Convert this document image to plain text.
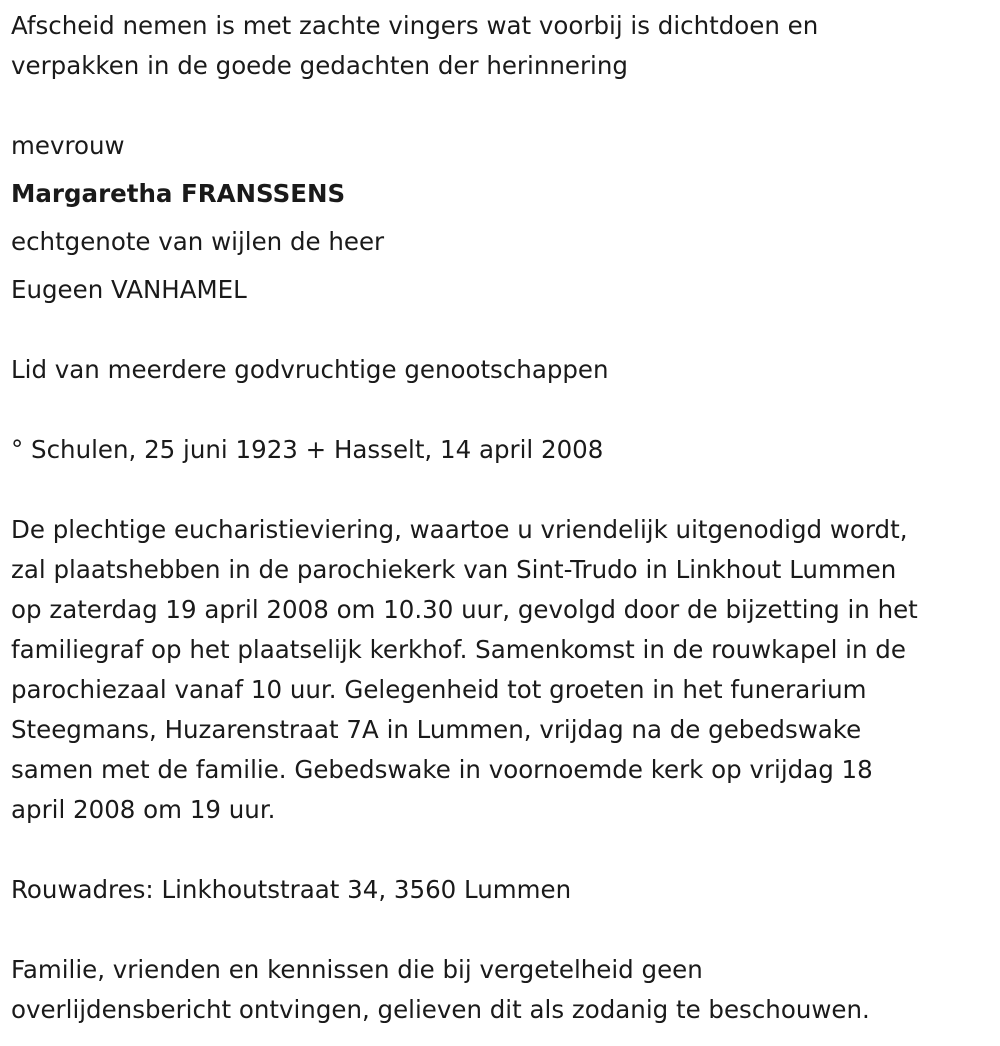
Afscheid nemen is met zachte vingers wat voorbij is dichtdoen en

verpakken in de goede gedachten der herinnering

mevrouw

Margaretha FRANSSENS

echtgenote van wijlen de heer

Eugeen VANHAMEL

Lid van meerdere godvruchtige genootschappen

° Schulen, 25 juni 1923 + Hasselt, 14 april 2008

De plechtige eucharistieviering, waartoe u vriendelijk uitgenodigd wordt,

zal plaatshebben in de parochiekerk van Sint-Trudo in Linkhout Lummen

op zaterdag 19 april 2008 om 10.30 uur, gevolgd door de bijzetting in het

familiegraf op het plaatselijk kerkhof. Samenkomst in de rouwkapel in de

parochiezaal vanaf 10 uur. Gelegenheid tot groeten in het funerarium

Steegmans, Huzarenstraat 7A in Lummen, vrijdag na de gebedswake

samen met de familie. Gebedswake in voornoemde kerk op vrijdag 18

april 2008 om 19 uur.

Rouwadres: Linkhoutstraat 34, 3560 Lummen

Familie, vrienden en kennissen die bij vergetelheid geen

overlijdensbericht ontvingen, gelieven dit als zodanig te beschouwen.
